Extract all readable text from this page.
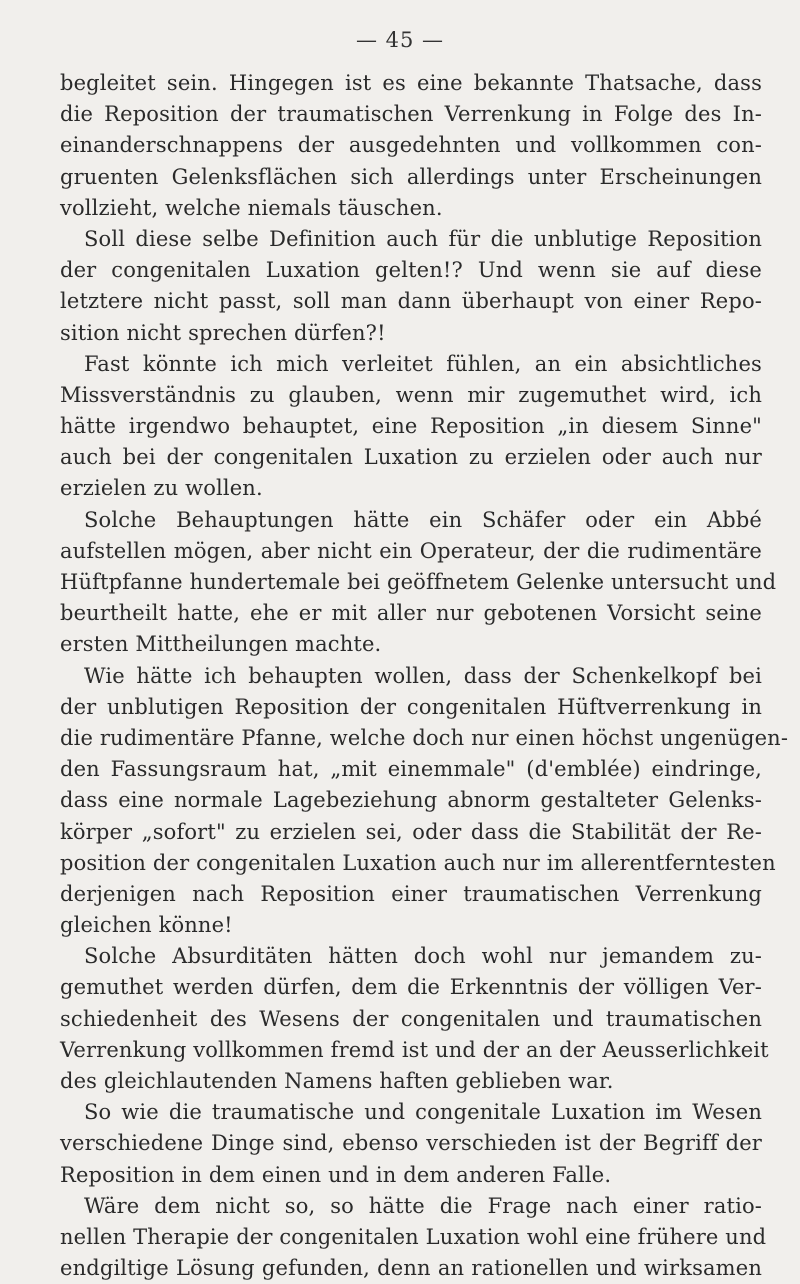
— 45 —
begleitet sein. Hingegen ist es eine bekannte Thatsache, dass
die Reposition der traumatischen Verrenkung in Folge des In-
einanderschnappens der ausgedehnten und vollkommen con-
gruenten Gelenksflächen sich allerdings unter Erscheinungen
vollzieht, welche niemals täuschen.
Soll diese selbe Definition auch für die unblutige Reposition
der congenitalen Luxation gelten!? Und wenn sie auf diese
letztere nicht passt, soll man dann überhaupt von einer Repo-
sition nicht sprechen dürfen?!
Fast könnte ich mich verleitet fühlen, an ein absichtliches
Missverständnis zu glauben, wenn mir zugemuthet wird, ich
hätte irgendwo behauptet, eine Reposition „in diesem Sinne"
auch bei der congenitalen Luxation zu erzielen oder auch nur
erzielen zu wollen.
Solche Behauptungen hätte ein Schäfer oder ein Abbé
aufstellen mögen, aber nicht ein Operateur, der die rudimentäre
Hüftpfanne hundertemale bei geöffnetem Gelenke untersucht und
beurtheilt hatte, ehe er mit aller nur gebotenen Vorsicht seine
ersten Mittheilungen machte.
Wie hätte ich behaupten wollen, dass der Schenkelkopf bei
der unblutigen Reposition der congenitalen Hüftverrenkung in
die rudimentäre Pfanne, welche doch nur einen höchst ungenügen-
den Fassungsraum hat, „mit einemmale" (d'emblée) eindringe,
dass eine normale Lagebeziehung abnorm gestalteter Gelenks-
körper „sofort" zu erzielen sei, oder dass die Stabilität der Re-
position der congenitalen Luxation auch nur im allerentferntesten
derjenigen nach Reposition einer traumatischen Verrenkung
gleichen könne!
Solche Absurditäten hätten doch wohl nur jemandem zu-
gemuthet werden dürfen, dem die Erkenntnis der völligen Ver-
schiedenheit des Wesens der congenitalen und traumatischen
Verrenkung vollkommen fremd ist und der an der Aeusserlichkeit
des gleichlautenden Namens haften geblieben war.
So wie die traumatische und congenitale Luxation im Wesen
verschiedene Dinge sind, ebenso verschieden ist der Begriff der
Reposition in dem einen und in dem anderen Falle.
Wäre dem nicht so, so hätte die Frage nach einer ratio-
nellen Therapie der congenitalen Luxation wohl eine frühere und
endgiltige Lösung gefunden, denn an rationellen und wirksamen
